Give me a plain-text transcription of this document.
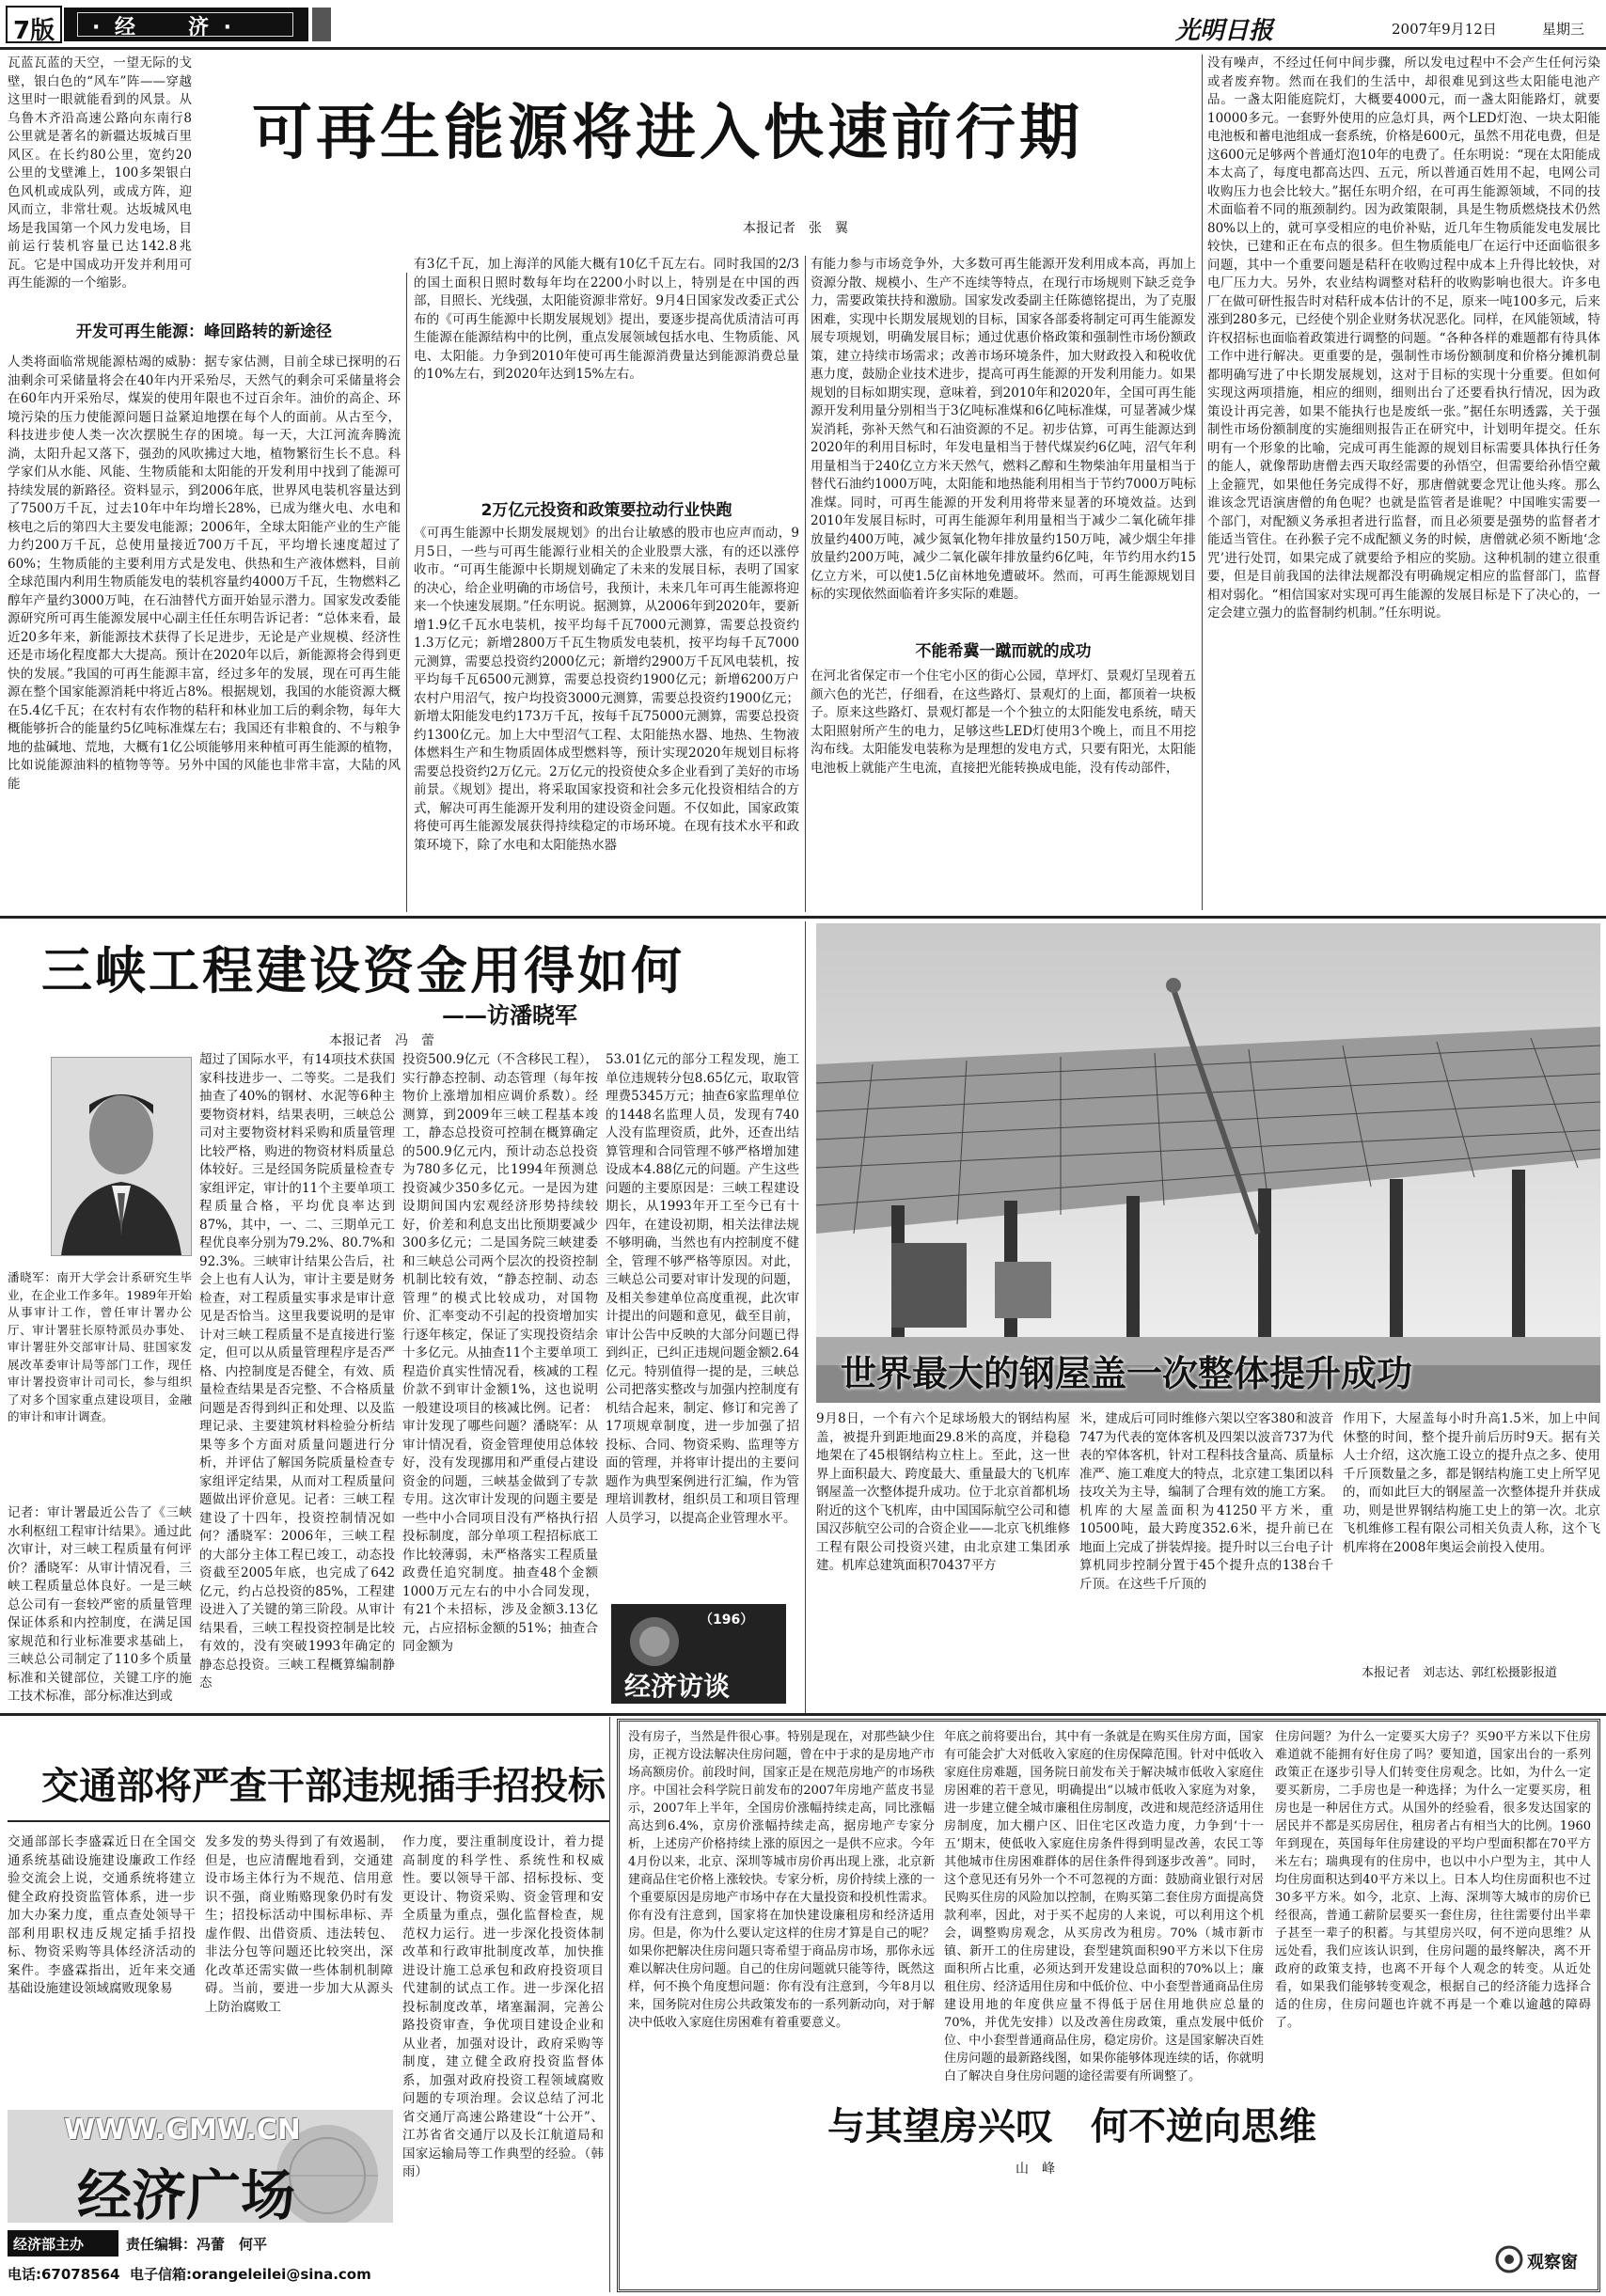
7版 · 经　　济 ·	光明日报	2007年9月12日	星期三
瓦蓝瓦蓝的天空，一望无际的戈壁，银白色的“风车”阵——穿越这里时一眼就能看到的风景。从乌鲁木齐沿高速公路向东南行8公里就是著名的新疆达坂城百里风区。在长约80公里，宽约20公里的戈壁滩上，100多架银白色风机或成队列，或成方阵，迎风而立，非常壮观。达坂城风电场是我国第一个风力发电场，目前运行装机容量已达142.8兆瓦。它是中国成功开发并利用可再生能源的一个缩影。
可再生能源将进入快速前行期
本报记者　张　翼
人类将面临常规能源枯竭的威胁：据专家估测，目前全球已探明的石油剩余可采储量将会在40年内开采殆尽，天然气的剩余可采储量将会在60年内开采殆尽，煤炭的使用年限也不过百余年。油价的高企、环境污染的压力使能源问题日益紧迫地摆在每个人的面前。从古至今，科技进步使人类一次次摆脱生存的困境。每一天，大江河流奔腾流淌，太阳升起又落下，强劲的风吹拂过大地，植物繁衍生长不息。科学家们从水能、风能、生物质能和太阳能的开发利用中找到了能源可持续发展的新路径。资料显示，到2006年底，世界风电装机容量达到了7500万千瓦，过去10年中年均增长28%，已成为继火电、水电和核电之后的第四大主要发电能源；2006年，全球太阳能产业的生产能力约200万千瓦，总使用量接近700万千瓦，平均增长速度超过了60%；生物质能的主要利用方式是发电、供热和生产液体燃料，目前全球范围内利用生物质能发电的装机容量约4000万千瓦，生物燃料乙醇年产量约3000万吨，在石油替代方面开始显示潜力。国家发改委能源研究所可再生能源发展中心副主任任东明告诉记者：“总体来看，最近20多年来，新能源技术获得了长足进步，无论是产业规模、经济性还是市场化程度都大大提高。预计在2020年以后，新能源将会得到更快的发展。”我国的可再生能源丰富，经过多年的发展，现在可再生能源在整个国家能源消耗中将近占8%。根据规划，我国的水能资源大概在5.4亿千瓦；在农村有农作物的秸秆和林业加工后的剩余物，每年大概能够折合的能量约5亿吨标准煤左右；我国还有非粮食的、不与粮争地的盐碱地、荒地，大概有1亿公顷能够用来种植可再生能源的植物，比如说能源油料的植物等等。另外中国的风能也非常丰富，大陆的风能
开发可再生能源：峰回路转的新途径
有3亿千瓦，加上海洋的风能大概有10亿千瓦左右。同时我国的2/3的国土面积日照时数每年均在2200小时以上，特别是在中国的西部，目照长、光线强，太阳能资源非常好。9月4日国家发改委正式公布的《可再生能源中长期发展规划》提出，要逐步提高优质清洁可再生能源在能源结构中的比例，重点发展领域包括水电、生物质能、风电、太阳能。力争到2010年使可再生能源消费量达到能源消费总量的10%左右，到2020年达到15%左右。
2万亿元投资和政策要拉动行业快跑
《可再生能源中长期发展规划》的出台让敏感的股市也应声而动，9月5日，一些与可再生能源行业相关的企业股票大涨，有的还以涨停收市。“可再生能源中长期规划确定了未来的发展目标，表明了国家的决心，给企业明确的市场信号，我预计，未来几年可再生能源将迎来一个快速发展期。”任东明说。据测算，从2006年到2020年，要新增1.9亿千瓦水电装机，按平均每千瓦7000元测算，需要总投资约1.3万亿元；新增2800万千瓦生物质发电装机，按平均每千瓦7000元测算，需要总投资约2000亿元；新增约2900万千瓦风电装机，按平均每千瓦6500元测算，需要总投资约1900亿元；新增6200万户农村户用沼气，按户均投资3000元测算，需要总投资约1900亿元；新增太阳能发电约173万千瓦，按每千瓦75000元测算，需要总投资约1300亿元。加上大中型沼气工程、太阳能热水器、地热、生物液体燃料生产和生物质固体成型燃料等，预计实现2020年规划目标将需要总投资约2万亿元。2万亿元的投资使众多企业看到了美好的市场前景。《规划》提出，将采取国家投资和社会多元化投资相结合的方式，解决可再生能源开发利用的建设资金问题。不仅如此，国家政策将使可再生能源发展获得持续稳定的市场环境。在现有技术水平和政策环境下，除了水电和太阳能热水器
有能力参与市场竞争外，大多数可再生能源开发利用成本高，再加上资源分散、规模小、生产不连续等特点，在现行市场规则下缺乏竞争力，需要政策扶持和激励。国家发改委副主任陈德铭提出，为了克服困难，实现中长期发展规划的目标，国家各部委将制定可再生能源发展专项规划，明确发展目标；通过优惠价格政策和强制性市场份额政策，建立持续市场需求；改善市场环境条件，加大财政投入和税收优惠力度，鼓励企业技术进步，提高可再生能源的开发利用能力。如果规划的目标如期实现，意味着，到2010年和2020年，全国可再生能源开发利用量分别相当于3亿吨标准煤和6亿吨标准煤，可显著减少煤炭消耗，弥补天然气和石油资源的不足。初步估算，可再生能源达到2020年的利用目标时，年发电量相当于替代煤炭约6亿吨，沼气年利用量相当于240亿立方米天然气，燃料乙醇和生物柴油年用量相当于替代石油约1000万吨，太阳能和地热能利用相当于节约7000万吨标准煤。同时，可再生能源的开发利用将带来显著的环境效益。达到2010年发展目标时，可再生能源年利用量相当于减少二氧化硫年排放量约400万吨，减少氮氧化物年排放量约150万吨，减少烟尘年排放量约200万吨，减少二氧化碳年排放量约6亿吨，年节约用水约15亿立方米，可以使1.5亿亩林地免遭破坏。然而，可再生能源规划目标的实现依然面临着许多实际的难题。
不能希冀一蹴而就的成功
在河北省保定市一个住宅小区的街心公园，草坪灯、景观灯呈现着五颜六色的光芒，仔细看，在这些路灯、景观灯的上面，都顶着一块板子。原来这些路灯、景观灯都是一个个独立的太阳能发电系统，晴天太阳照射所产生的电力，足够这些LED灯使用3个晚上，而且不用挖沟布线。太阳能发电装称为是理想的发电方式，只要有阳光，太阳能电池板上就能产生电流，直接把光能转换成电能，没有传动部件，
没有噪声，不经过任何中间步骤，所以发电过程中不会产生任何污染或者废弃物。然而在我们的生活中，却很难见到这些太阳能电池产品。一盏太阳能庭院灯，大概要4000元，而一盏太阳能路灯，就要10000多元。一套野外使用的应急灯具，两个LED灯泡、一块太阳能电池板和蓄电池组成一套系统，价格是600元，虽然不用花电费，但是这600元足够两个普通灯泡10年的电费了。任东明说：“现在太阳能成本太高了，每度电都高达四、五元，所以普通百姓用不起，电网公司收购压力也会比较大。”据任东明介绍，在可再生能源领域，不同的技术面临着不同的瓶颈制约。因为政策限制，具是生物质燃烧技术仍然80%以上的，就可享受相应的电价补贴，近几年生物质能发电发展比较快，已建和正在布点的很多。但生物质能电厂在运行中还面临很多问题，其中一个重要问题是秸秆在收购过程中成本上升得比较快，对电厂压力大。另外，农业结构调整对秸秆的收购影响也很大。许多电厂在做可研性报告时对秸秆成本估计的不足，原来一吨100多元，后来涨到280多元，已经使个别企业财务状况恶化。同样，在风能领域，特许权招标也面临着政策进行调整的问题。“各种各样的难题都有待具体工作中进行解决。更重要的是，强制性市场份额制度和价格分摊机制都明确写进了中长期发展规划，这对于目标的实现十分重要。但如何实现这两项措施，相应的细则，细则出台了还要看执行情况，因为政策设计再完善，如果不能执行也是废纸一张。”据任东明透露，关于强制性市场份额制度的实施细则报告正在研究中，计划明年提交。任东明有一个形象的比喻，完成可再生能源的规划目标需要具体执行任务的能人，就像帮助唐僧去西天取经需要的孙悟空，但需要给孙悟空戴上金箍咒，如果他任务完成得不好，那唐僧就要念咒让他头疼。那么谁该念咒语演唐僧的角色呢？也就是监管者是谁呢？中国唯实需要一个部门，对配额义务承担者进行监督，而且必须要是强势的监督者才能适当管住。在孙猴子完不成配额义务的时候，唐僧就必须不断地‘念咒’进行处罚，如果完成了就要给予相应的奖励。这种机制的建立很重要，但是目前我国的法律法规都没有明确规定相应的监督部门，监督相对弱化。“相信国家对实现可再生能源的发展目标是下了决心的，一定会建立强力的监督制约机制。”任东明说。
三峡工程建设资金用得如何
——访潘晓军
本报记者　冯　蕾
潘晓军：南开大学会计系研究生毕业，在企业工作多年。1989年开始从事审计工作，曾任审计署办公厅、审计署驻长原特派员办事处、审计署驻外交部审计局、驻国家发展改革委审计局等部门工作，现任审计署投资审计司司长，参与组织了对多个国家重点建设项目，金融的审计和审计调查。
记者：审计署最近公告了《三峡水利枢纽工程审计结果》。通过此次审计，对三峡工程质量有何评价？潘晓军：从审计情况看，三峡工程质量总体良好。一是三峡总公司有一套较严密的质量管理保证体系和内控制度，在满足国家规范和行业标准要求基础上，三峡总公司制定了110多个质量标准和关键部位，关键工序的施工技术标准，部分标准达到或
超过了国际水平，有14项技术获国家科技进步一、二等奖。二是我们抽查了40%的钢材、水泥等6种主要物资材料，结果表明，三峡总公司对主要物资材料采购和质量管理比较严格，购进的物资材料质量总体较好。三是经国务院质量检查专家组评定，审计的11个主要单项工程质量合格，平均优良率达到87%，其中，一、二、三期单元工程优良率分别为79.2%、80.7%和92.3%。三峡审计结果公告后，社会上也有人认为，审计主要是财务检查，对工程质量实事求是审计意见是否恰当。这里我要说明的是审计对三峡工程质量不是直接进行鉴定，但可以从质量管理程序是否严格、内控制度是否健全，有效、质量检查结果是否完整、不合格质量问题是否得到纠正和处理、以及监理记录、主要建筑材料检验分析结果等多个方面对质量问题进行分析，并评估了解国务院质量检查专家组评定结果，从而对工程质量问题做出评价意见。记者：三峡工程建设了十四年，投资控制情况如何？潘晓军：2006年，三峡工程的大部分主体工程已竣工，动态投资截至2005年底，也完成了642亿元，约占总投资的85%，工程建设进入了关键的第三阶段。从审计结果看，三峡工程投资控制是比较有效的，没有突破1993年确定的静态总投资。三峡工程概算编制静态
投资500.9亿元（不含移民工程），实行静态控制、动态管理（每年按物价上涨增加相应调价系数）。经测算，到2009年三峡工程基本竣工，静态总投资可控制在概算确定的500.9亿元内，预计动态总投资为780多亿元，比1994年预测总投资减少350多亿元。一是因为建设期间国内宏观经济形势持续较好，价差和利息支出比预期要减少300多亿元；二是国务院三峡建委和三峡总公司两个层次的投资控制机制比较有效，“静态控制、动态管理”的模式比较成功，对国物价、汇率变动不引起的投资增加实行逐年核定，保证了实现投资结余十多亿元。从抽查11个主要单项工程造价真实性情况看，核减的工程价款不到审计金额1%，这也说明一般建设项目的核减比例。记者：审计发现了哪些问题？潘晓军：从审计情况看，资金管理使用总体较好，没有发现挪用和严重侵占建设资金的问题，三峡基金做到了专款专用。这次审计发现的问题主要是一些中小合同项目没有严格执行招投标制度，部分单项工程招标底工作比较薄弱，未严格落实工程质量政费任追究制度。抽查48个金额1000万元左右的中小合同发现，有21个未招标，涉及金额3.13亿元，占应招标金额的51%；抽查合同金额为
53.01亿元的部分工程发现，施工单位违规转分包8.65亿元，取取管理费5345万元；抽查6家监理单位的1448名监理人员，发现有740人没有监理资质，此外，还查出结算管理和合同管理不够严格增加建设成本4.88亿元的问题。产生这些问题的主要原因是：三峡工程建设期长，从1993年开工至今已有十四年，在建设初期，相关法律法规不够明确，当然也有内控制度不健全，管理不够严格等原因。对此，三峡总公司要对审计发现的问题，及相关参建单位高度重视，此次审计提出的问题和意见，截至目前，审计公告中反映的大部分问题已得到纠正，已纠正违规问题金额2.64亿元。特别值得一提的是，三峡总公司把落实整改与加强内控制度有机结合起来，制定、修订和完善了17项规章制度，进一步加强了招投标、合同、物资采购、监理等方面的管理，并将审计提出的主要问题作为典型案例进行汇编，作为管理培训教材，组织员工和项目管理人员学习，以提高企业管理水平。
（196）
经济访谈
世界最大的钢屋盖一次整体提升成功
9月8日，一个有六个足球场般大的钢结构屋盖，被提升到距地面29.8米的高度，并稳稳地架在了45根钢结构立柱上。至此，这一世界上面积最大、跨度最大、重量最大的飞机库钢屋盖一次整体提升成功。位于北京首都机场附近的这个飞机库，由中国国际航空公司和德国汉莎航空公司的合资企业——北京飞机维修工程有限公司投资兴建，由北京建工集团承建。机库总建筑面积70437平方
米，建成后可同时维修六架以空客380和波音747为代表的宽体客机及四架以波音737为代表的窄体客机，针对工程科技含量高、质量标准严、施工难度大的特点，北京建工集团以科技攻关为主导，编制了合理有效的施工方案。机库的大屋盖面积为41250平方米，重10500吨，最大跨度352.6米，提升前已在地面上完成了拼装焊接。提升时以三台电子计算机同步控制分置于45个提升点的138台千斤顶。在这些千斤顶的
作用下，大屋盖每小时升高1.5米，加上中间休整的时间，整个提升前后历时9天。据有关人士介绍，这次施工设立的提升点之多、使用千斤顶数量之多，都是钢结构施工史上所罕见的，而如此巨大的钢屋盖一次整体提升并获成功，则是世界钢结构施工史上的第一次。北京飞机维修工程有限公司相关负责人称，这个飞机库将在2008年奥运会前投入使用。
本报记者　刘志达、郭红松摄影报道
交通部将严查干部违规插手招投标
交通部部长李盛霖近日在全国交通系统基础设施建设廉政工作经验交流会上说，交通系统将建立健全政府投资监管体系，进一步加大办案力度，重点查处领导干部利用职权违反规定插手招投标、物资采购等具体经济活动的案件。李盛霖指出，近年来交通基础设施建设领域腐败现象易
发多发的势头得到了有效遏制，但是，也应清醒地看到，交通建设市场主体行为不规范、信用意识不强，商业贿赂现象仍时有发生；招投标活动中围标串标、弄虚作假、出借资质、违法转包、非法分包等问题还比较突出，深化改革还需实做一些体制机制障碍。当前，要进一步加大从源头上防治腐败工
作力度，要注重制度设计，着力提高制度的科学性、系统性和权威性。要以领导干部、招标投标、变更设计、物资采购、资金管理和安全质量为重点，强化监督检查，规范权力运行。进一步深化投资体制改革和行政审批制度改革，加快推进设计施工总承包和政府投资项目代建制的试点工作。进一步深化招投标制度改革，堵塞漏洞，完善公路投资审查，争优项目建设企业和从业者，加强对设计，政府采购等制度，建立健全政府投资监督体系，加强对政府投资工程领域腐败问题的专项治理。会议总结了河北省交通厅高速公路建设“十公开”、江苏省省交通厅以及长江航道局和国家运输局等工作典型的经验。（韩雨）
WWW.GMW.CN
经济广场
经济部主办	责任编辑：冯蕾　何平
电话:67078564 电子信箱:orangeleilei@sina.com
没有房子，当然是件很心事。特别是现在，对那些缺少住房，正视方设法解决住房问题，曾在中于求的是房地产市场高额房价。前段时间，国家正是在规范房地产的市场秩序。中国社会科学院日前发布的2007年房地产蓝皮书显示，2007年上半年，全国房价涨幅持续走高，同比涨幅高达到6.4%，京房价涨幅持续走高，据房地产专家分析，上述房产价格持续上涨的原因之一是供不应求。今年4月份以来，北京、深圳等城市房价再出现上涨，北京新建商品住宅价格上涨较快。专家分析，房价持续上涨的一个重要原因是房地产市场中存在大量投资和投机性需求。你有没有注意到，国家将在加快建设廉租房和经济适用房。但是，你为什么要认定这样的住房才算是自己的呢？如果你把解决住房问题只寄希望于商品房市场，那你永远难以解决住房问题。自己的住房问题就只能等待，既然这样，何不换个角度想问题：你有没有注意到，今年8月以来，国务院对住房公共政策发布的一系列新动向，对于解决中低收入家庭住房困难有着重要意义。
与其望房兴叹　何不逆向思维
山　峰
年底之前将要出台，其中有一条就是在购买住房方面，国家有可能会扩大对低收入家庭的住房保障范围。针对中低收入家庭住房难题，国务院日前发布关于解决城市低收入家庭住房困难的若干意见，明确提出“以城市低收入家庭为对象，进一步建立健全城市廉租住房制度，改进和规范经济适用住房制度，加大棚户区、旧住宅区改造力度，力争到‘十一五’期末，使低收入家庭住房条件得到明显改善，农民工等其他城市住房困难群体的居住条件得到逐步改善”。同时，这个意见还有另外一个不可忽视的方面：鼓励商业银行对居民购买住房的风险加以控制，在购买第二套住房方面提高贷款利率，因此，对于买不起房的人来说，可以利用这个机会，调整购房观念，从买房改为租房。70%（城市新市镇、新开工的住房建设，套型建筑面积90平方米以下住房面积所占比重，必须达到开发建设总面积的70%以上；廉租住房、经济适用住房和中低价位、中小套型普通商品住房建设用地的年度供应量不得低于居住用地供应总量的70%，并优先安排）以及改善住房政策，重点发展中低价位、中小套型普通商品住房，稳定房价。这是国家解决百姓住房问题的最新路线图，如果你能够体现连续的话，你就明白了解决自身住房问题的途径需要有所调整了。
住房问题？为什么一定要买大房子？买90平方米以下住房难道就不能拥有好住房了吗？要知道，国家出台的一系列政策正在逐步引导人们转变住房观念。比如，为什么一定要买新房，二手房也是一种选择；为什么一定要买房，租房也是一种居住方式。从国外的经验看，很多发达国家的居民并不都是买房居住，租房者占有相当大的比例。1960年到现在，英国每年住房建设的平均户型面积都在70平方米左右；瑞典现有的住房中，也以中小户型为主，其中人均住房面积达到40平方米以上。日本人均住房面积也不过30多平方米。如今，北京、上海、深圳等大城市的房价已经很高，普通工薪阶层要买一套住房，往往需要付出半辈子甚至一辈子的积蓄。与其望房兴叹，何不逆向思维？从远处看，我们应该认识到，住房问题的最终解决，离不开政府的政策支持，也离不开每个人观念的转变。从近处看，如果我们能够转变观念，根据自己的经济能力选择合适的住房，住房问题也许就不再是一个难以逾越的障碍了。
观察窗
